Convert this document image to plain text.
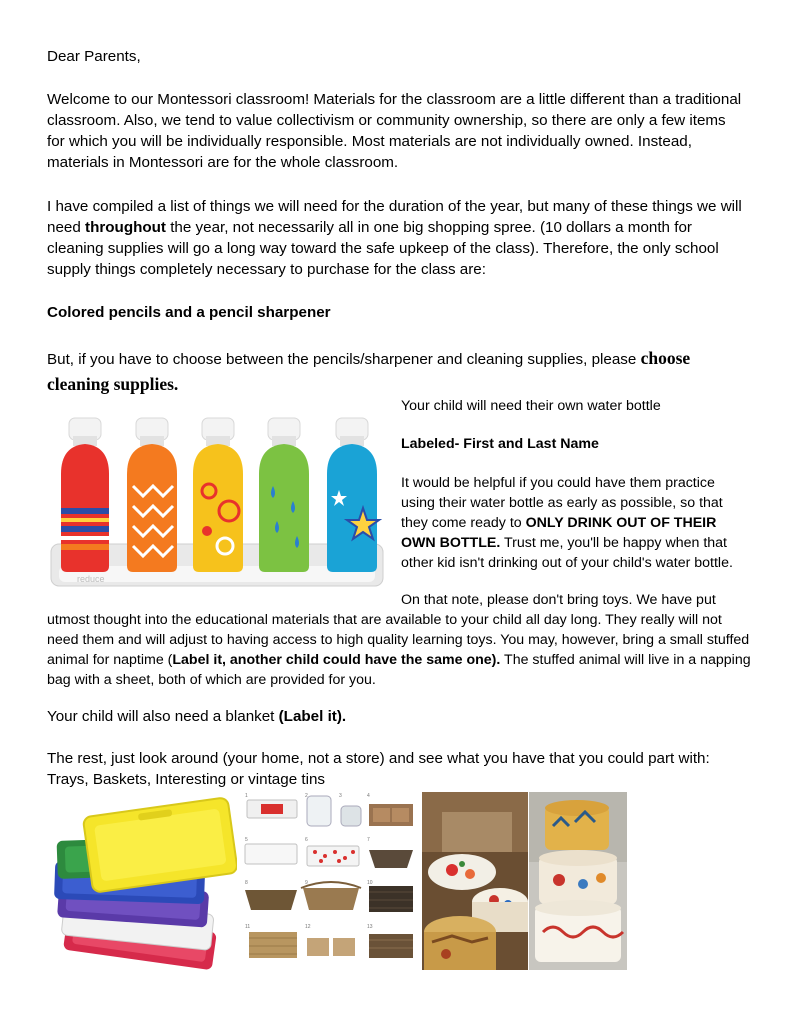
Dear Parents,

Welcome to our Montessori classroom! Materials for the classroom are a little different than a traditional classroom. Also, we tend to value collectivism or community ownership, so there are only a few items for which you will be individually responsible. Most materials are not individually owned. Instead, materials in Montessori are for the whole classroom.

I have compiled a list of things we will need for the duration of the year, but many of these things we will need throughout the year, not necessarily all in one big shopping spree. (10 dollars a month for cleaning supplies will go a long way toward the safe upkeep of the class). Therefore, the only school supply things completely necessary to purchase for the class are:

Colored pencils and a pencil sharpener

But, if you have to choose between the pencils/sharpener and cleaning supplies, please choose cleaning supplies.

reduce

Your child will need their own water bottle

Labeled- First and Last Name

It would be helpful if you could have them practice using their water bottle as early as possible, so that they come ready to ONLY DRINK OUT OF THEIR OWN BOTTLE. Trust me, you'll be happy when that other kid isn't drinking out of your child's water bottle.

On that note, please don't bring toys. We have put

utmost thought into the educational materials that are available to your child all day long. They really will not need them and will adjust to having access to high quality learning toys. You may, however, bring a small stuffed animal for naptime (Label it, another child could have the same one). The stuffed animal will live in a napping bag with a sheet, both of which are provided for you.

Your child will also need a blanket (Label it).

The rest, just look around (your home, not a store) and see what you have that you could part with: Trays, Baskets, Interesting or vintage tins

1	2	3	4
5	6	7
8	9	10
11	12	13
